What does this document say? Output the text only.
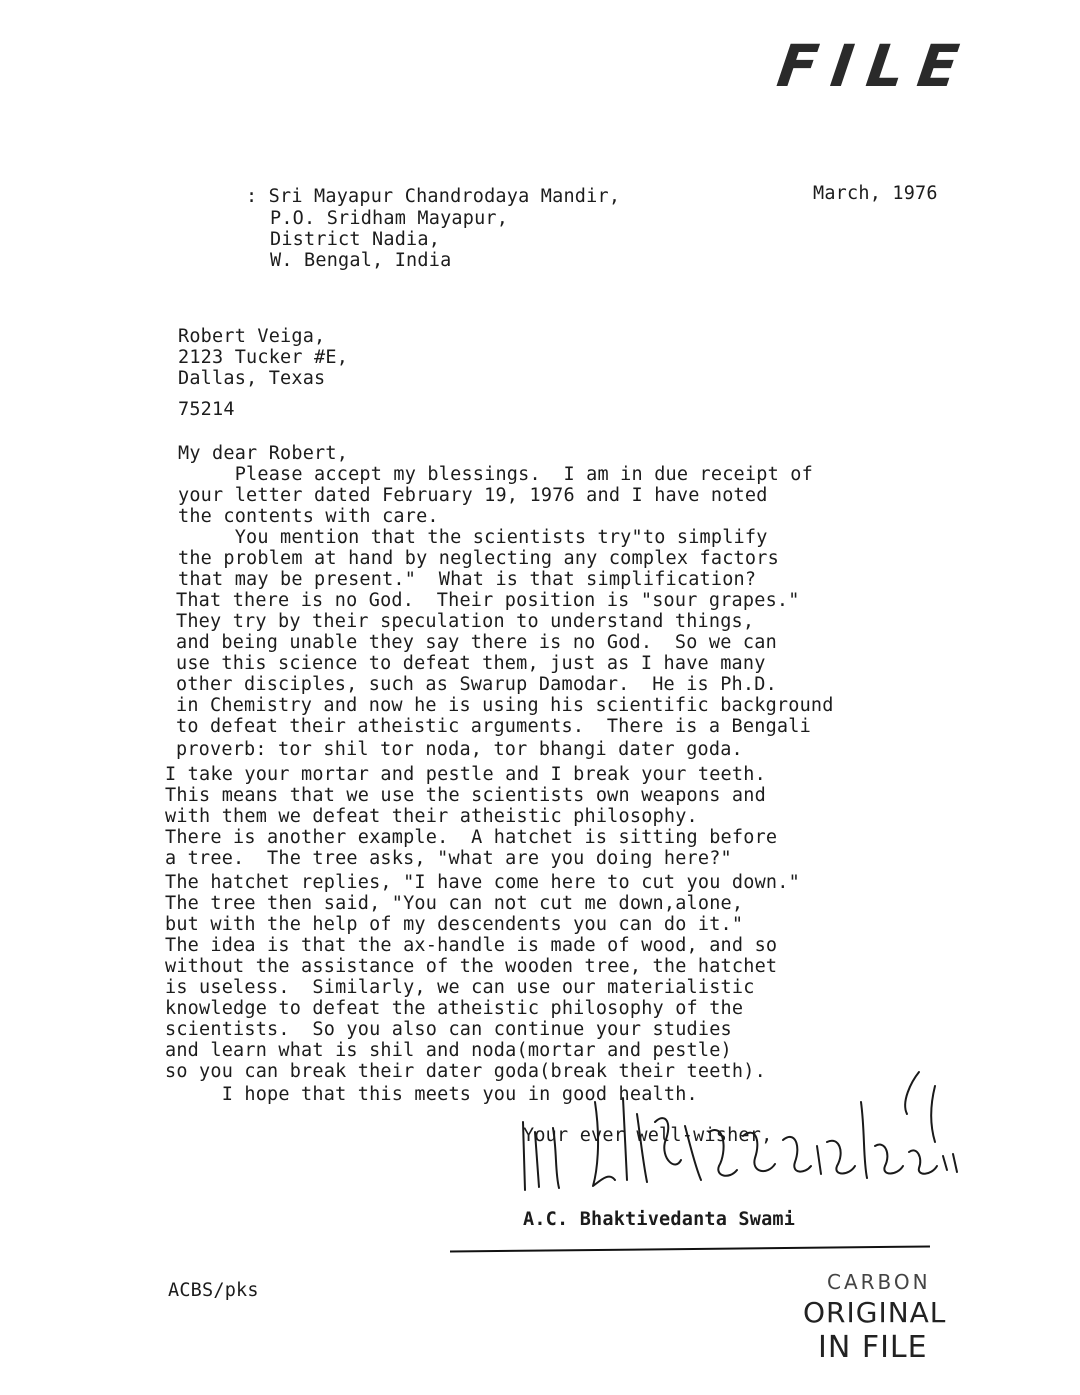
FILE
: Sri Mayapur Chandrodaya Mandir,
P.O. Sridham Mayapur,
District Nadia,
W. Bengal, India
March, 1976
Robert Veiga,
2123 Tucker #E,
Dallas, Texas
75214
My dear Robert,
Please accept my blessings.  I am in due receipt of
your letter dated February 19, 1976 and I have noted
the contents with care.
You mention that the scientists try"to simplify
the problem at hand by neglecting any complex factors
that may be present."  What is that simplification?
That there is no God.  Their position is "sour grapes."
They try by their speculation to understand things,
and being unable they say there is no God.  So we can
use this science to defeat them, just as I have many
other disciples, such as Swarup Damodar.  He is Ph.D.
in Chemistry and now he is using his scientific background
to defeat their atheistic arguments.  There is a Bengali
proverb: tor shil tor noda, tor bhangi dater goda.
I take your mortar and pestle and I break your teeth.
This means that we use the scientists own weapons and
with them we defeat their atheistic philosophy.
There is another example.  A hatchet is sitting before
a tree.  The tree asks, "what are you doing here?"
The hatchet replies, "I have come here to cut you down."
The tree then said, "You can not cut me down,alone,
but with the help of my descendents you can do it."
The idea is that the ax-handle is made of wood, and so
without the assistance of the wooden tree, the hatchet
is useless.  Similarly, we can use our materialistic
knowledge to defeat the atheistic philosophy of the
scientists.  So you also can continue your studies
and learn what is shil and noda(mortar and pestle)
so you can break their dater goda(break their teeth).
I hope that this meets you in good health.
Your ever well-wisher,
A.C. Bhaktivedanta Swami
ACBS/pks	CARBON
ORIGINAL
IN FILE
